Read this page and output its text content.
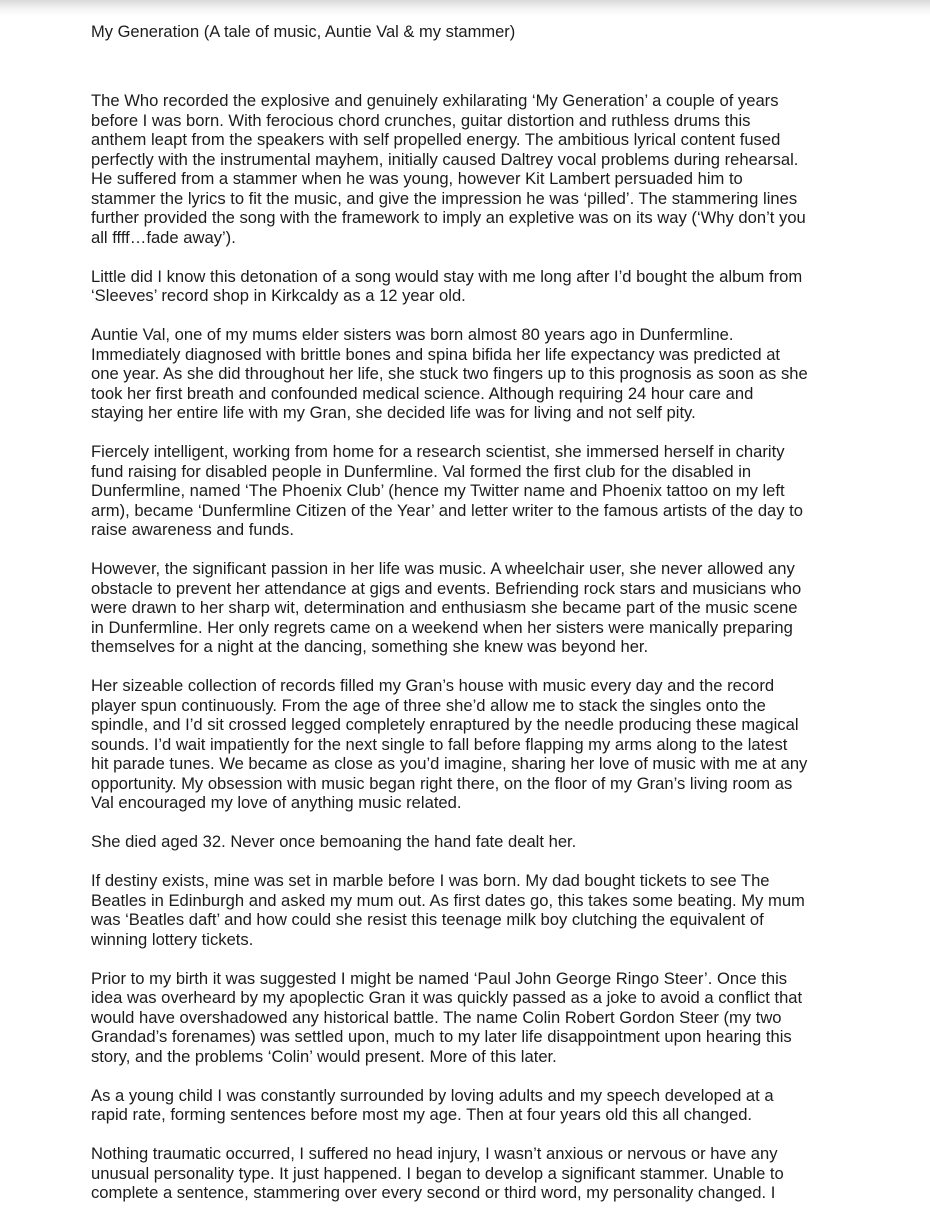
My Generation (A tale of music, Auntie Val & my stammer)
The Who recorded the explosive and genuinely exhilarating ‘My Generation’ a couple of years
before I was born. With ferocious chord crunches, guitar distortion and ruthless drums this
anthem leapt from the speakers with self propelled energy. The ambitious lyrical content fused
perfectly with the instrumental mayhem, initially caused Daltrey vocal problems during rehearsal.
He suffered from a stammer when he was young, however Kit Lambert persuaded him to
stammer the lyrics to fit the music, and give the impression he was ‘pilled’. The stammering lines
further provided the song with the framework to imply an expletive was on its way (‘Why don’t you
all ffff…fade away’).
Little did I know this detonation of a song would stay with me long after I’d bought the album from
‘Sleeves’ record shop in Kirkcaldy as a 12 year old.
Auntie Val, one of my mums elder sisters was born almost 80 years ago in Dunfermline.
Immediately diagnosed with brittle bones and spina bifida her life expectancy was predicted at
one year. As she did throughout her life, she stuck two fingers up to this prognosis as soon as she
took her first breath and confounded medical science. Although requiring 24 hour care and
staying her entire life with my Gran, she decided life was for living and not self pity.
Fiercely intelligent, working from home for a research scientist, she immersed herself in charity
fund raising for disabled people in Dunfermline. Val formed the first club for the disabled in
Dunfermline, named ‘The Phoenix Club’ (hence my Twitter name and Phoenix tattoo on my left
arm), became ‘Dunfermline Citizen of the Year’ and letter writer to the famous artists of the day to
raise awareness and funds.
However, the significant passion in her life was music. A wheelchair user, she never allowed any
obstacle to prevent her attendance at gigs and events. Befriending rock stars and musicians who
were drawn to her sharp wit, determination and enthusiasm she became part of the music scene
in Dunfermline. Her only regrets came on a weekend when her sisters were manically preparing
themselves for a night at the dancing, something she knew was beyond her.
Her sizeable collection of records filled my Gran’s house with music every day and the record
player spun continuously. From the age of three she’d allow me to stack the singles onto the
spindle, and I’d sit crossed legged completely enraptured by the needle producing these magical
sounds. I’d wait impatiently for the next single to fall before flapping my arms along to the latest
hit parade tunes. We became as close as you’d imagine, sharing her love of music with me at any
opportunity. My obsession with music began right there, on the floor of my Gran’s living room as
Val encouraged my love of anything music related.
She died aged 32. Never once bemoaning the hand fate dealt her.
If destiny exists, mine was set in marble before I was born. My dad bought tickets to see The
Beatles in Edinburgh and asked my mum out. As first dates go, this takes some beating. My mum
was ‘Beatles daft’ and how could she resist this teenage milk boy clutching the equivalent of
winning lottery tickets.
Prior to my birth it was suggested I might be named ‘Paul John George Ringo Steer’. Once this
idea was overheard by my apoplectic Gran it was quickly passed as a joke to avoid a conflict that
would have overshadowed any historical battle. The name Colin Robert Gordon Steer (my two
Grandad’s forenames) was settled upon, much to my later life disappointment upon hearing this
story, and the problems ‘Colin’ would present. More of this later.
As a young child I was constantly surrounded by loving adults and my speech developed at a
rapid rate, forming sentences before most my age. Then at four years old this all changed.
Nothing traumatic occurred, I suffered no head injury, I wasn’t anxious or nervous or have any
unusual personality type. It just happened. I began to develop a significant stammer. Unable to
complete a sentence, stammering over every second or third word, my personality changed. I
